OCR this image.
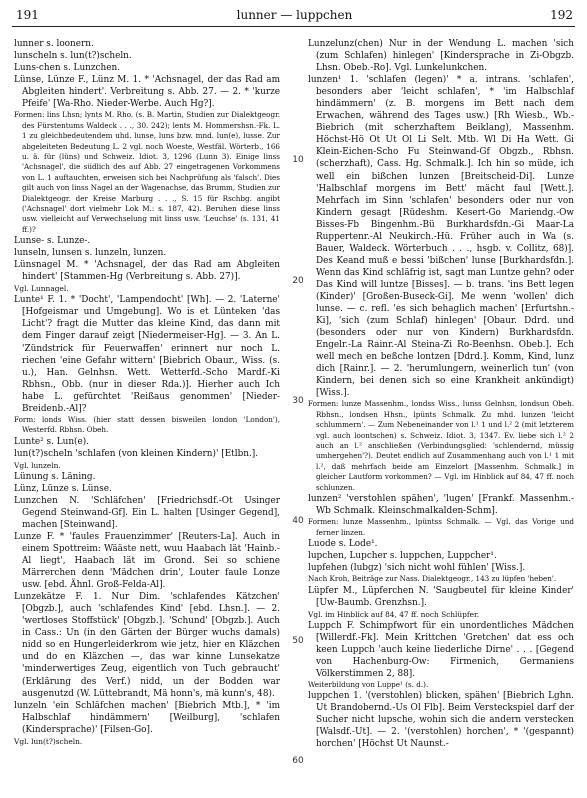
191	lunner — luppchen	192

lunner s. loonern.

lunscheln s. lun(t?)scheln.

Luns-chen s. Lunzchen.

Lünse, Lünze F., Lünz M. 1. * 'Achsnagel, der das Rad am Abgleiten hindert'. Verbreitung s. Abb. 27. — 2. * 'kurze Pfeife' [Wa-Rho. Nieder-Werbe. Auch Hg?].

Formen: lins Lhsn; lynts M. Rho. (s. B. Martin, Studien zur Dialektgeogr. des Fürstentums Waldeck . . ., 30. 242); lents M. Hommershsn.-Fk. L. 1 zu gleichbedeutendem uhd. lunse, luns bzw. mnd. lun(e), lusse. Zur abgeleiteten Bedeutung L. 2 vgl. noch Woeste, Westfäl. Wörterb., 166 u. ä. für (lüns) und Schweiz. Idiot. 3, 1296 (Lunn 3). Einige linss 'Achsnagel', die südlich des auf Abb. 27 eingetragenen Vorkommens von L. 1 auftauchten, erweisen sich bei Nachprüfung als 'falsch'. Dies gilt auch von linss Nagel an der Wagenachse, das Brumm, Studien zur Dialektgeogr. der Kreise Marburg . . ., S. 15 für Rschbg. angibt ('Achsnagel' dort vielmehr Lok M.: s. 187, 42). Beruhen diese linss usw. vielleicht auf Verwechselung mit linss usw. 'Leuchse' (s. 131, 41 ff.)?

Lunse- s. Lunze-.

lunseln, lunsen s. lunzeln, lunzen.

Lünsnagel M. * 'Achsnagel, der das Rad am Abgleiten hindert' [Stammen-Hg (Verbreitung s. Abb. 27)].

Vgl. Lunnagel.

Lunte¹ F. 1. * 'Docht', 'Lampendocht' [Wh]. — 2. 'Laterne' [Hofgeismar und Umgebung]. Wo is et Lünteken 'das Licht'? fragt die Mutter das kleine Kind, das dann mit dem Finger darauf zeigt [Niedermeiser-Hg]. — 3. An L. 'Zündstrick für Feuerwaffen' erinnert nur noch L. riechen 'eine Gefahr wittern' [Biebrich Obaur., Wiss. (s. u.), Han. Gelnhsn. Wett. Wetterfd.-Scho Mardf.-Ki Rbhsn., Obb. (nur in dieser Rda.)]. Hierher auch Ich habe L. gefürchtet 'Reißaus genommen' [Nieder-Breidenb.-Al]?

Form: londs Wiss. (hier statt dessen bisweilen london 'London'), Westerfd. Rbhsn. Obeh.

Lunte² s. Lun(e).

lun(t?)scheln 'schlafen (von kleinen Kindern)' [Etlbn.].

Vgl. lunzeln.

Lünung s. Läning.

Lünz, Lünze s. Lünse.

Lunzchen N. 'Schläfchen' [Friedrichsdf.-Ot Usinger Gegend Steinwand-Gf]. Ein L. halten [Usinger Gegend], machen [Steinwand].

Lunze F. * 'faules Frauenzimmer' [Reuters-La]. Auch in einem Spottreim: Wääste nett, wuu Haabach lät 'Hainb.-Al liegt', Haabach lät im Grond. Sei so schiene Märrerchen denn 'Mädchen drin', Louter faule Lonze usw. [ebd. Ähnl. Groß-Felda-Al].

Lunzekätze F. 1. Nur Dim. 'schlafendes Kätzchen' [Obgzb.], auch 'schlafendes Kind' [ebd. Lhsn.]. — 2. 'wertloses Stoffstück' [Obgzb.]. 'Schund' [Obgzb.]. Auch in Cass.: Un (in den Gärten der Bürger wuchs damals) nidd so en Hungerleiderkrom wie jetz, hier en Kläzchen und do en Kläzchen —, das war kinne Lunsekatze 'minderwertiges Zeug, eigentlich von Tuch gebraucht' (Erklärung des Verf.) nidd, un der Bodden war ausgenutzd (W. Lüttebrandt, Mä honn's, mä kunn's, 48).

lunzeln 'ein Schläfchen machen' [Biebrich Mtb.], * 'im Halbschlaf hindämmern' [Weilburg], 'schlafen (Kindersprache)' [Filsen-Go].

Vgl. lun(t?)scheln.

Lunzelunz(chen) Nur in der Wendung L. machen 'sich (zum Schlafen) hinlegen' [Kindersprache in Zi-Obgzb. Lhsn. Obeb.-Ro]. Vgl. Lunkelunkchen.

lunzen¹ 1. 'schlafen (legen)' * a. intrans. 'schlafen', besonders aber 'leicht schlafen', * 'im Halbschlaf hindämmern' (z. B. morgens im Bett nach dem Erwachen, während des Tages usw.) [Rh Wiesb., Wb.-Biebrich (mit scherzhaftem Beiklang), Massenhm. Höchst-Hö Ot Ut Ol Li Selt. Mtb. Wl Di Ha Wett. Gi Klein-Eichen-Scho Fu Steinwand-Gf Obgzb., Rbhsn. (scherzhaft), Cass. Hg. Schmalk.]. Ich hin so müde, ich well ein bißchen lunzen [Breitscheid-Di]. Lunze 'Halbschlaf morgens im Bett' mächt faul [Wett.]. Mehrfach im Sinn 'schlafen' besonders oder nur von Kindern gesagt [Rüdeshm. Kesert-Go Mariendg.-Ow Bisses-Fb Bingenhm.-Bü Burkhardsfdn.-Gi Maar-La Ruppertenr.-Al Neukirch.-Hü. Früher auch in Wa (s. Bauer, Waldeck. Wörterbuch . . ., hsgb. v. Collitz, 68)]. Des Keand muß e bessi 'bißchen' lunse [Burkhardsfdn.]. Wenn das Kind schläfrig ist, sagt man Luntze gehn? oder Das Kind will luntze [Bisses]. — b. trans. 'ins Bett legen (Kinder)' [Großen-Buseck-Gi]. Me wenn 'wollen' dich lunse. — c. refl. 'es sich behaglich machen' [Erfurtshn.-Ki], 'sich (zum Schlaf) hinlegen' [Obaur. Ddrd. und (besonders oder nur von Kindern) Burkhardsfdn. Engelr.-La Rainr.-Al Steina-Zi Ro-Beenhsn. Obeb.]. Ech well mech en beßche lontzen [Ddrd.]. Komm, Kind, lunz dich [Rainr.]. — 2. 'herumlungern, weinerlich tun' (von Kindern, bei denen sich so eine Krankheit ankündigt) [Wiss.].

Formen: lunze Massenhm., londss Wiss., lunss Gelnhsn, londsun Obeh. Rbhsn., londsen Hhsn., lpünts Schmalk. Zu mhd. lunzen 'leicht schlummern'. — Zum Nebeneinander von l.¹ 1 und l.² 2 (mit letzterem vgl. auch loontschen) s. Schweiz. Idiot. 3, 1347. Ev. liebe sich l.² 2 auch an l.² anschließen (Verbindungsglied: 'schlendernd, müssig umhergehen'?). Deutet endlich auf Zusammenhang auch von l.¹ 1 mit l.², daß mehrfach beide am Einzelort [Massenhm. Schmalk.] in gleicher Lautform vorkommen? — Vgl. im Hinblick auf 84, 47 ff. noch schlunzen.

lunzen² 'verstohlen spähen', 'lugen' [Frankf. Massenhm.-Wb Schmalk. Kleinschmalkalden-Schm].

Formen: lunze Massenhm., lpüntss Schmalk. — Vgl. das Vorige und ferner linzen.

Luode s. Lode¹.

lupchen, Lupcher s. luppchen, Luppcher¹.

lupfehen (lubgz) 'sich nicht wohl fühlen' [Wiss.].

Nach Kroh, Beiträge zur Nass. Dialektgeogr., 143 zu lüpfen 'heben'.

Lüpfer M., Lüpferchen N. 'Saugbeutel für kleine Kinder' [Uw-Baumb. Grenzhsn.].

Vgl. im Hinblick auf 84, 47 ff. noch Schlüpfer.

Luppch F. Schimpfwort für ein unordentliches Mädchen [Willerdf.-Fk]. Mein Krittchen 'Gretchen' dat ess och keen Luppch 'auch keine liederliche Dirne' . . . [Gegend von Hachenburg-Ow: Firmenich, Germaniens Völkerstimmen 2, 88].

Weiterbildung von Luppe¹ (s. d.).

luppchen 1. '(verstohlen) blicken, spähen' [Biebrich Lghn. Ut Brandobernd.-Us Ol Flb]. Beim Versteckspiel darf der Sucher nicht lupsche, wohin sich die andern verstecken [Walsdf.-Ut]. — 2. '(verstohlen) horchen', * '(gespannt) horchen' [Höchst Ut Naunst.-

10
20
30
40
50
60
